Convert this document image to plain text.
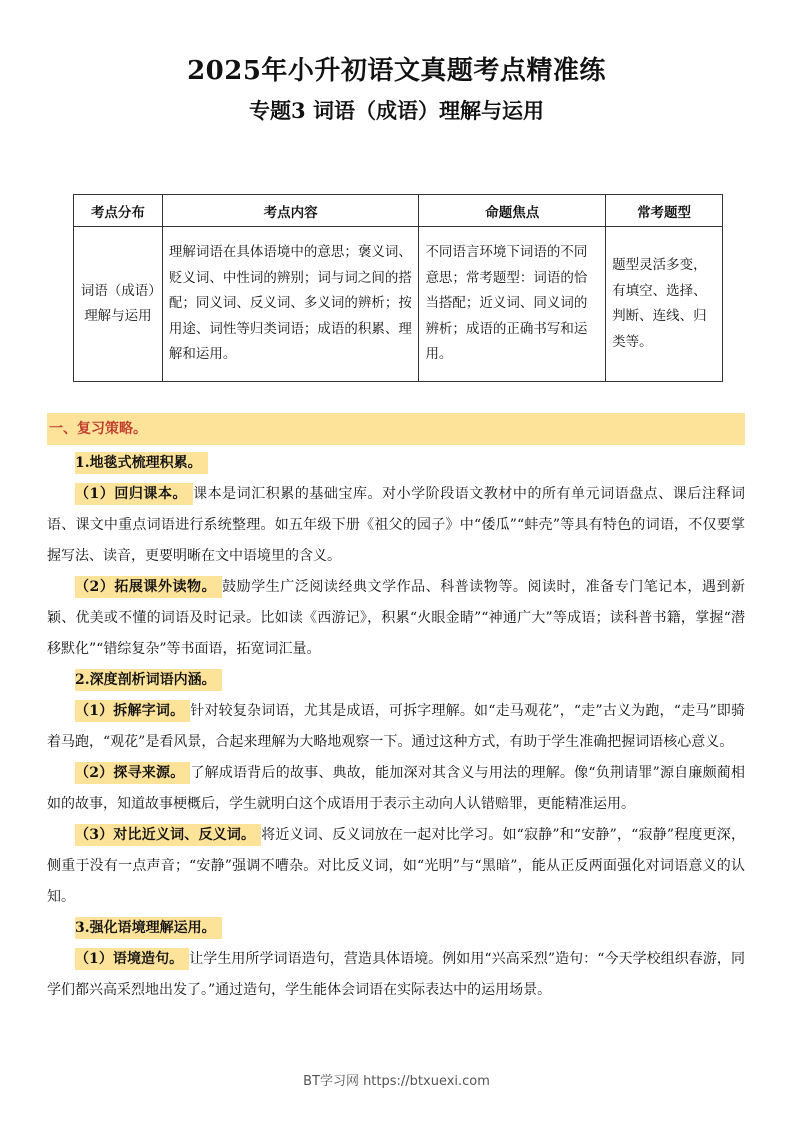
2025年小升初语文真题考点精准练
专题3 词语（成语）理解与运用
考点分布	考点内容	命题焦点	常考题型
词语（成语）理解与运用	理解词语在具体语境中的意思；褒义词、贬义词、中性词的辨别；词与词之间的搭配；同义词、反义词、多义词的辨析；按用途、词性等归类词语；成语的积累、理解和运用。	不同语言环境下词语的不同意思；常考题型：词语的恰当搭配；近义词、同义词的辨析；成语的正确书写和运用。	题型灵活多变，有填空、选择、判断、连线、归类等。
一、复习策略。
1.地毯式梳理积累。

（1）回归课本。 课本是词汇积累的基础宝库。对小学阶段语文教材中的所有单元词语盘点、课后注释词语、课文中重点词语进行系统整理。如五年级下册《祖父的园子》中“倭瓜”“蚌壳”等具有特色的词语，不仅要掌握写法、读音，更要明晰在文中语境里的含义。

（2）拓展课外读物。 鼓励学生广泛阅读经典文学作品、科普读物等。阅读时，准备专门笔记本，遇到新颖、优美或不懂的词语及时记录。比如读《西游记》，积累“火眼金睛”“神通广大”等成语；读科普书籍，掌握“潜移默化”“错综复杂”等书面语，拓宽词汇量。

2.深度剖析词语内涵。

（1）拆解字词。 针对较复杂词语，尤其是成语，可拆字理解。如“走马观花”，“走”古义为跑，“走马”即骑着马跑，“观花”是看风景，合起来理解为大略地观察一下。通过这种方式，有助于学生准确把握词语核心意义。

（2）探寻来源。 了解成语背后的故事、典故，能加深对其含义与用法的理解。像“负荆请罪”源自廉颇蔺相如的故事，知道故事梗概后，学生就明白这个成语用于表示主动向人认错赔罪，更能精准运用。

（3）对比近义词、反义词。 将近义词、反义词放在一起对比学习。如“寂静”和“安静”，“寂静”程度更深，侧重于没有一点声音；“安静”强调不嘈杂。对比反义词，如“光明”与“黑暗”，能从正反两面强化对词语意义的认知。

3.强化语境理解运用。

（1）语境造句。 让学生用所学词语造句，营造具体语境。例如用“兴高采烈”造句：“今天学校组织春游，同学们都兴高采烈地出发了。”通过造句，学生能体会词语在实际表达中的运用场景。

BT学习网 https://btxuexi.com
